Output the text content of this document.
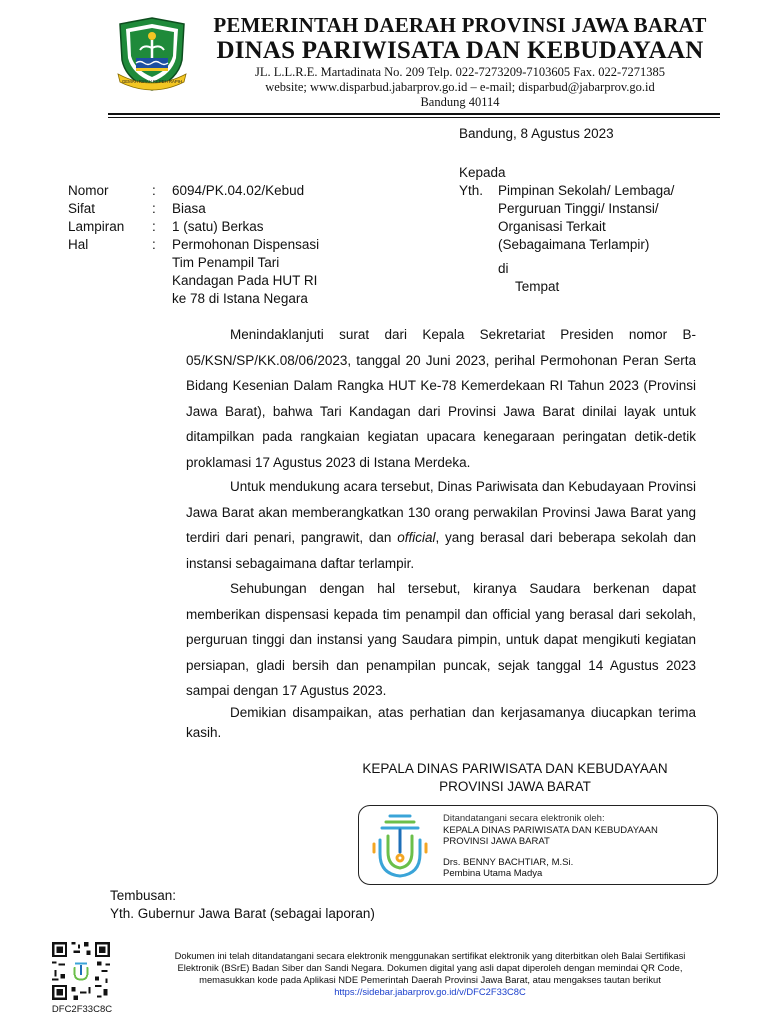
GEMAH RIPAH REPEH RAPIH
PEMERINTAH DAERAH PROVINSI JAWA BARAT
DINAS PARIWISATA DAN KEBUDAYAAN
JL. L.L.R.E. Martadinata No. 209 Telp. 022-7273209-7103605 Fax. 022-7271385
website; www.disparbud.jabarprov.go.id – e-mail; disparbud@jabarprov.go.id
Bandung 40114
Bandung, 8 Agustus 2023
Kepada
Yth. Pimpinan Sekolah/ Lembaga/
Perguruan Tinggi/ Instansi/
Organisasi Terkait
(Sebagaimana Terlampir)
di
Tempat
Nomor	:	6094/PK.04.02/Kebud
Sifat	:	Biasa
Lampiran	:	1 (satu) Berkas
Hal	:	Permohonan Dispensasi
Tim Penampil Tari
Kandagan Pada HUT RI
ke 78 di Istana Negara
Menindaklanjuti surat dari Kepala Sekretariat Presiden nomor B-05/KSN/SP/KK.08/06/2023, tanggal 20 Juni 2023, perihal Permohonan Peran Serta Bidang Kesenian Dalam Rangka HUT Ke-78 Kemerdekaan RI Tahun 2023 (Provinsi Jawa Barat), bahwa Tari Kandagan dari Provinsi Jawa Barat dinilai layak untuk ditampilkan pada rangkaian kegiatan upacara kenegaraan peringatan detik-detik proklamasi 17 Agustus 2023 di Istana Merdeka.
Untuk mendukung acara tersebut, Dinas Pariwisata dan Kebudayaan Provinsi Jawa Barat akan memberangkatkan 130 orang perwakilan Provinsi Jawa Barat yang terdiri dari penari, pangrawit, dan official, yang berasal dari beberapa sekolah dan instansi sebagaimana daftar terlampir.
Sehubungan dengan hal tersebut, kiranya Saudara berkenan dapat memberikan dispensasi kepada tim penampil dan official yang berasal dari sekolah, perguruan tinggi dan instansi yang Saudara pimpin, untuk dapat mengikuti kegiatan persiapan, gladi bersih dan penampilan puncak, sejak tanggal 14 Agustus 2023 sampai dengan 17 Agustus 2023.
Demikian disampaikan, atas perhatian dan kerjasamanya diucapkan terima kasih.
KEPALA DINAS PARIWISATA DAN KEBUDAYAAN
PROVINSI JAWA BARAT
Ditandatangani secara elektronik oleh:
KEPALA DINAS PARIWISATA DAN KEBUDAYAAN
PROVINSI JAWA BARAT
Drs. BENNY BACHTIAR, M.Si.
Pembina Utama Madya
Tembusan:
Yth. Gubernur Jawa Barat (sebagai laporan)
DFC2F33C8C
Dokumen ini telah ditandatangani secara elektronik menggunakan sertifikat elektronik yang diterbitkan oleh Balai Sertifikasi
Elektronik (BSrE) Badan Siber dan Sandi Negara. Dokumen digital yang asli dapat diperoleh dengan memindai QR Code,
memasukkan kode pada Aplikasi NDE Pemerintah Daerah Provinsi Jawa Barat, atau mengakses tautan berikut
https://sidebar.jabarprov.go.id/v/DFC2F33C8C
